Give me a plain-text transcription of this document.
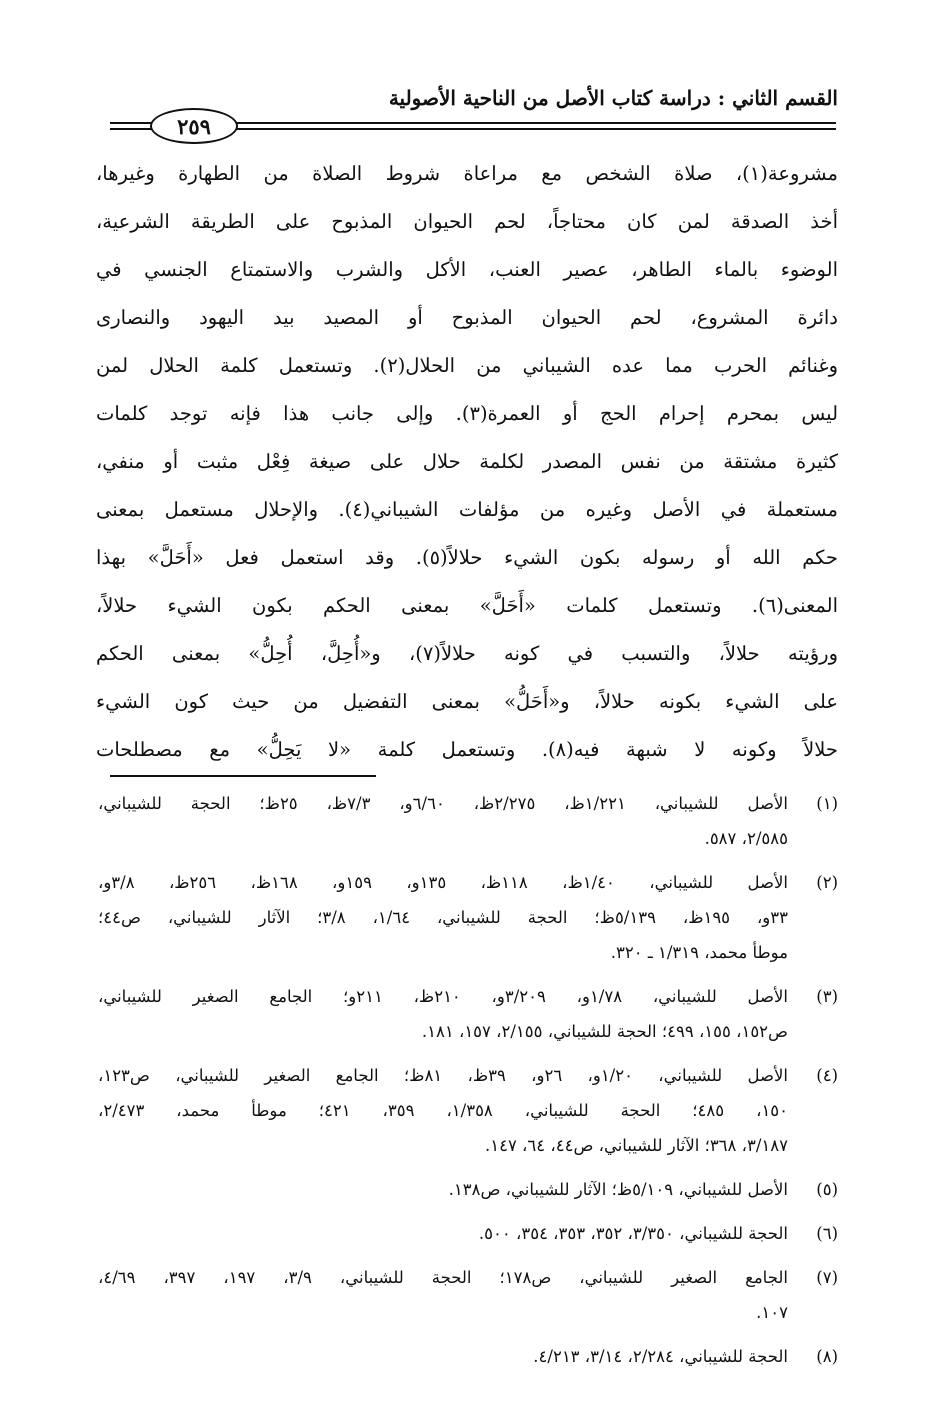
القسم الثاني : دراسة كتاب الأصل من الناحية الأصولية
٢٥٩
مشروعة(١)، صلاة الشخص مع مراعاة شروط الصلاة من الطهارة وغيرها،
أخذ الصدقة لمن كان محتاجاً، لحم الحيوان المذبوح على الطريقة الشرعية،
الوضوء بالماء الطاهر، عصير العنب، الأكل والشرب والاستمتاع الجنسي في
دائرة المشروع، لحم الحيوان المذبوح أو المصيد بيد اليهود والنصارى
وغنائم الحرب مما عده الشيباني من الحلال(٢). وتستعمل كلمة الحلال لمن
ليس بمحرم إحرام الحج أو العمرة(٣). وإلى جانب هذا فإنه توجد كلمات
كثيرة مشتقة من نفس المصدر لكلمة حلال على صيغة فِعْل مثبت أو منفي،
مستعملة في الأصل وغيره من مؤلفات الشيباني(٤). والإحلال مستعمل بمعنى
حكم الله أو رسوله بكون الشيء حلالاً(٥). وقد استعمل فعل «أَحَلَّ» بهذا
المعنى(٦). وتستعمل كلمات «أَحَلَّ» بمعنى الحكم بكون الشيء حلالاً،
ورؤيته حلالاً، والتسبب في كونه حلالاً(٧)، و«أُحِلَّ، أُحِلُّ» بمعنى الحكم
على الشيء بكونه حلالاً، و«أَحَلُّ» بمعنى التفضيل من حيث كون الشيء
حلالاً وكونه لا شبهة فيه(٨). وتستعمل كلمة «لا يَحِلُّ» مع مصطلحات
(١)
الأصل للشيباني، ١/٢٢١ظ، ٢/٢٧٥ظ، ٦/٦٠و، ٧/٣ظ، ٢٥ظ؛ الحجة للشيباني،
٢/٥٨٥، ٥٨٧.
(٢)
الأصل للشيباني، ١/٤٠ظ، ١١٨ظ، ١٣٥و، ١٥٩و، ١٦٨ظ، ٢٥٦ظ، ٣/٨و،
٣٣و، ١٩٥ظ، ٥/١٣٩ظ؛ الحجة للشيباني، ١/٦٤، ٣/٨؛ الآثار للشيباني، ص٤٤؛
موطأ محمد، ١/٣١٩ ـ ٣٢٠.
(٣)
الأصل للشيباني، ١/٧٨و، ٣/٢٠٩و، ٢١٠ظ، ٢١١و؛ الجامع الصغير للشيباني،
ص١٥٢، ١٥٥، ٤٩٩؛ الحجة للشيباني، ٢/١٥٥، ١٥٧، ١٨١.
(٤)
الأصل للشيباني، ١/٢٠و، ٢٦و، ٣٩ظ، ٨١ظ؛ الجامع الصغير للشيباني، ص١٢٣،
١٥٠، ٤٨٥؛ الحجة للشيباني، ١/٣٥٨، ٣٥٩، ٤٢١؛ موطأ محمد، ٢/٤٧٣،
٣/١٨٧، ٣٦٨؛ الآثار للشيباني، ص٤٤، ٦٤، ١٤٧.
(٥)
الأصل للشيباني، ٥/١٠٩ظ؛ الآثار للشيباني، ص١٣٨.
(٦)
الحجة للشيباني، ٣/٣٥٠، ٣٥٢، ٣٥٣، ٣٥٤، ٥٠٠.
(٧)
الجامع الصغير للشيباني، ص١٧٨؛ الحجة للشيباني، ٣/٩، ١٩٧، ٣٩٧، ٤/٦٩،
١٠٧.
(٨)
الحجة للشيباني، ٢/٢٨٤، ٣/١٤، ٤/٢١٣.
